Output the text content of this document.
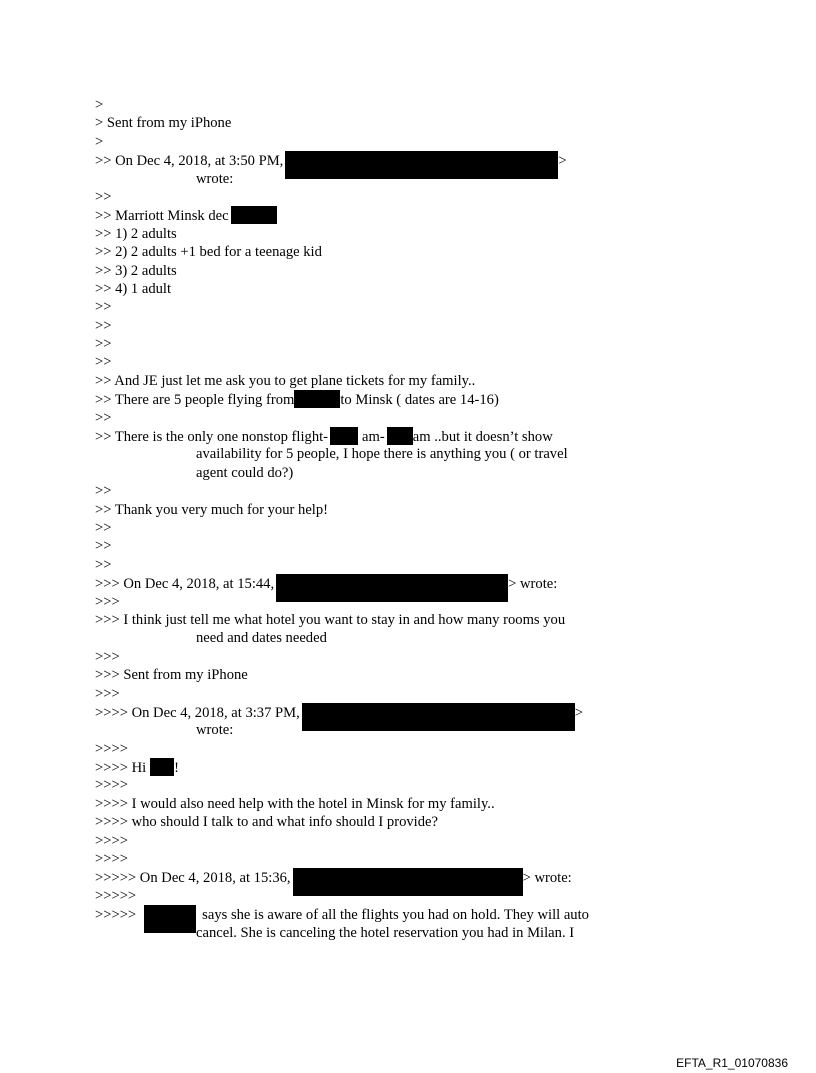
>
> Sent from my iPhone
>
>> On Dec 4, 2018, at 3:50 PM,	>
wrote:
>>
>> Marriott Minsk dec
>> 1) 2 adults
>> 2) 2 adults +1 bed for a teenage kid
>> 3) 2 adults
>> 4) 1 adult
>>
>>
>>
>>
>> And JE just let me ask you to get plane tickets for my family..
>> There are 5 people flying from	to Minsk ( dates are 14-16)
>>
>> There is the only one nonstop flight- am- am ..but it doesn’t show
availability for 5 people, I hope there is anything you ( or travel
agent could do?)
>>
>> Thank you very much for your help!
>>
>>
>>
>>> On Dec 4, 2018, at 15:44,	> wrote:
>>>
>>> I think just tell me what hotel you want to stay in and how many rooms you
need and dates needed
>>>
>>> Sent from my iPhone
>>>
>>>> On Dec 4, 2018, at 3:37 PM,	>
wrote:
>>>>
>>>> Hi !
>>>>
>>>> I would also need help with the hotel in Minsk for my family..
>>>> who should I talk to and what info should I provide?
>>>>
>>>>
>>>>> On Dec 4, 2018, at 15:36,	> wrote:
>>>>>
>>>>>	says she is aware of all the flights you had on hold. They will auto
cancel. She is canceling the hotel reservation you had in Milan. I
EFTA_R1_01070836
